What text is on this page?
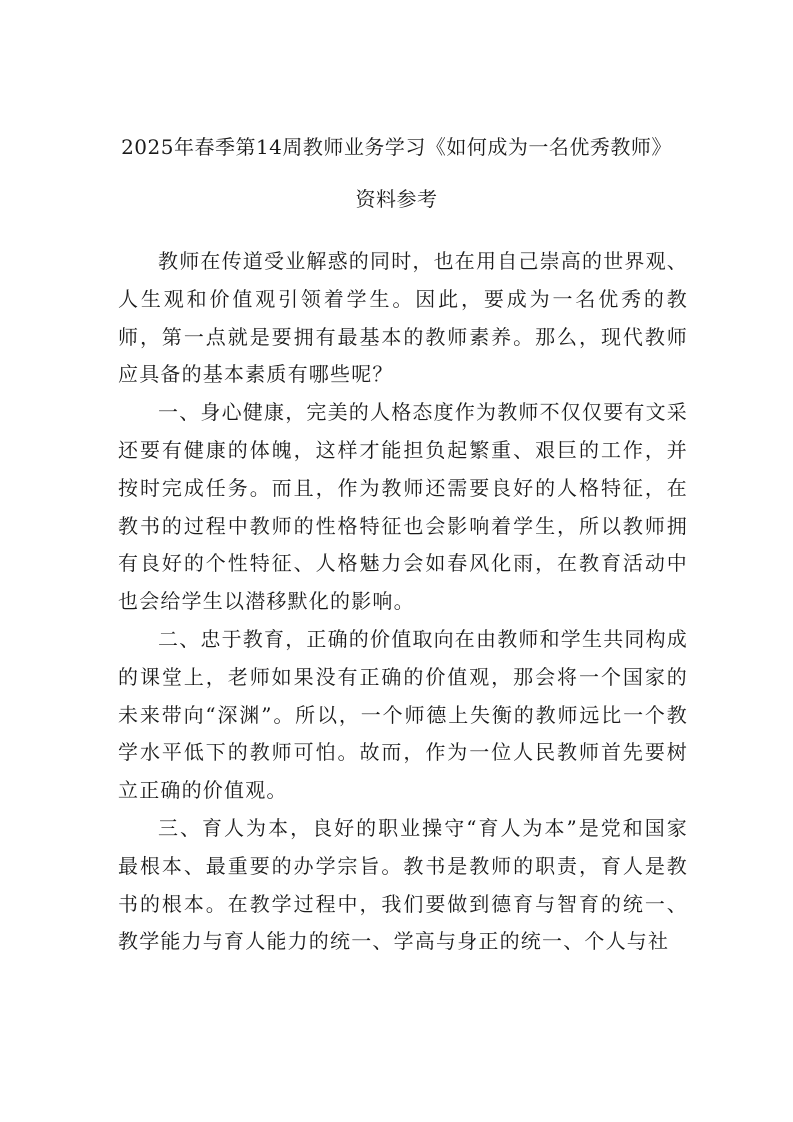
2025年春季第14周教师业务学习《如何成为一名优秀教师》
资料参考

教师在传道受业解惑的同时，也在用自己崇高的世界观、人生观和价值观引领着学生。因此，要成为一名优秀的教师，第一点就是要拥有最基本的教师素养。那么，现代教师应具备的基本素质有哪些呢？

一、身心健康，完美的人格态度作为教师不仅仅要有文采还要有健康的体魄，这样才能担负起繁重、艰巨的工作，并按时完成任务。而且，作为教师还需要良好的人格特征，在教书的过程中教师的性格特征也会影响着学生，所以教师拥有良好的个性特征、人格魅力会如春风化雨，在教育活动中也会给学生以潜移默化的影响。

二、忠于教育，正确的价值取向在由教师和学生共同构成的课堂上，老师如果没有正确的价值观，那会将一个国家的未来带向“深渊”。所以，一个师德上失衡的教师远比一个教学水平低下的教师可怕。故而，作为一位人民教师首先要树立正确的价值观。

三、育人为本，良好的职业操守“育人为本”是党和国家最根本、最重要的办学宗旨。教书是教师的职责，育人是教书的根本。在教学过程中，我们要做到德育与智育的统一、教学能力与育人能力的统一、学高与身正的统一、个人与社
